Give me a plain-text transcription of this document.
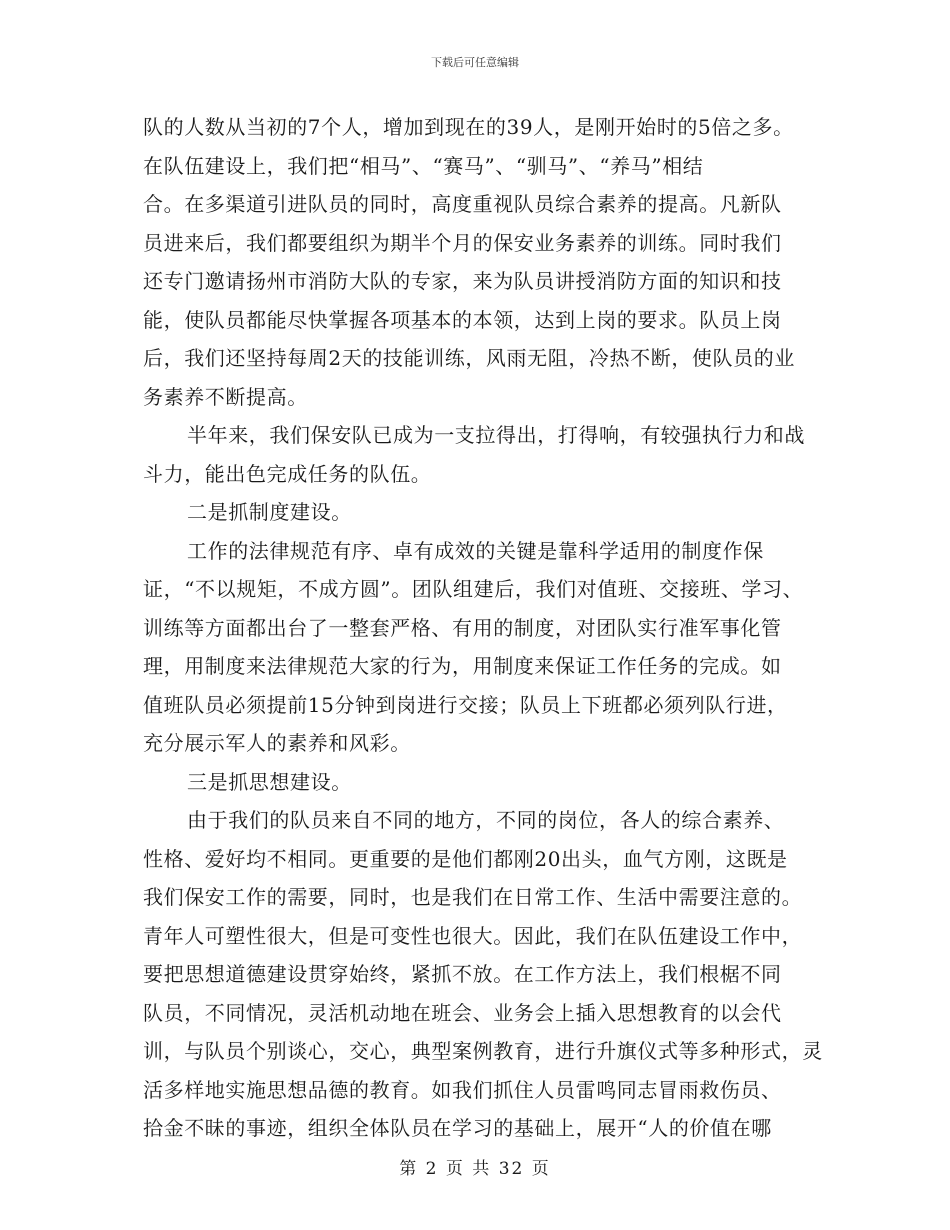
下载后可任意编辑
队的人数从当初的7个人，增加到现在的39人，是刚开始时的5倍之多。
在队伍建设上，我们把“相马”、“赛马”、“驯马”、“养马”相结
合。在多渠道引进队员的同时，高度重视队员综合素养的提高。凡新队
员进来后，我们都要组织为期半个月的保安业务素养的训练。同时我们
还专门邀请扬州市消防大队的专家，来为队员讲授消防方面的知识和技
能，使队员都能尽快掌握各项基本的本领，达到上岗的要求。队员上岗
后，我们还坚持每周2天的技能训练，风雨无阻，冷热不断，使队员的业
务素养不断提高。
半年来，我们保安队已成为一支拉得出，打得响，有较强执行力和战
斗力，能出色完成任务的队伍。
二是抓制度建设。
工作的法律规范有序、卓有成效的关键是靠科学适用的制度作保
证，“不以规矩，不成方圆”。团队组建后，我们对值班、交接班、学习、
训练等方面都出台了一整套严格、有用的制度，对团队实行准军事化管
理，用制度来法律规范大家的行为，用制度来保证工作任务的完成。如
值班队员必须提前15分钟到岗进行交接；队员上下班都必须列队行进，
充分展示军人的素养和风彩。
三是抓思想建设。
由于我们的队员来自不同的地方，不同的岗位，各人的综合素养、
性格、爱好均不相同。更重要的是他们都刚20出头，血气方刚，这既是
我们保安工作的需要，同时，也是我们在日常工作、生活中需要注意的。
青年人可塑性很大，但是可变性也很大。因此，我们在队伍建设工作中，
要把思想道德建设贯穿始终，紧抓不放。在工作方法上，我们根椐不同
队员，不同情况，灵活机动地在班会、业务会上插入思想教育的以会代
训，与队员个别谈心，交心，典型案例教育，进行升旗仪式等多种形式，灵
活多样地实施思想品德的教育。如我们抓住人员雷鸣同志冒雨救伤员、
拾金不昧的事迹，组织全体队员在学习的基础上，展开“人的价值在哪
第 2 页 共 32 页
